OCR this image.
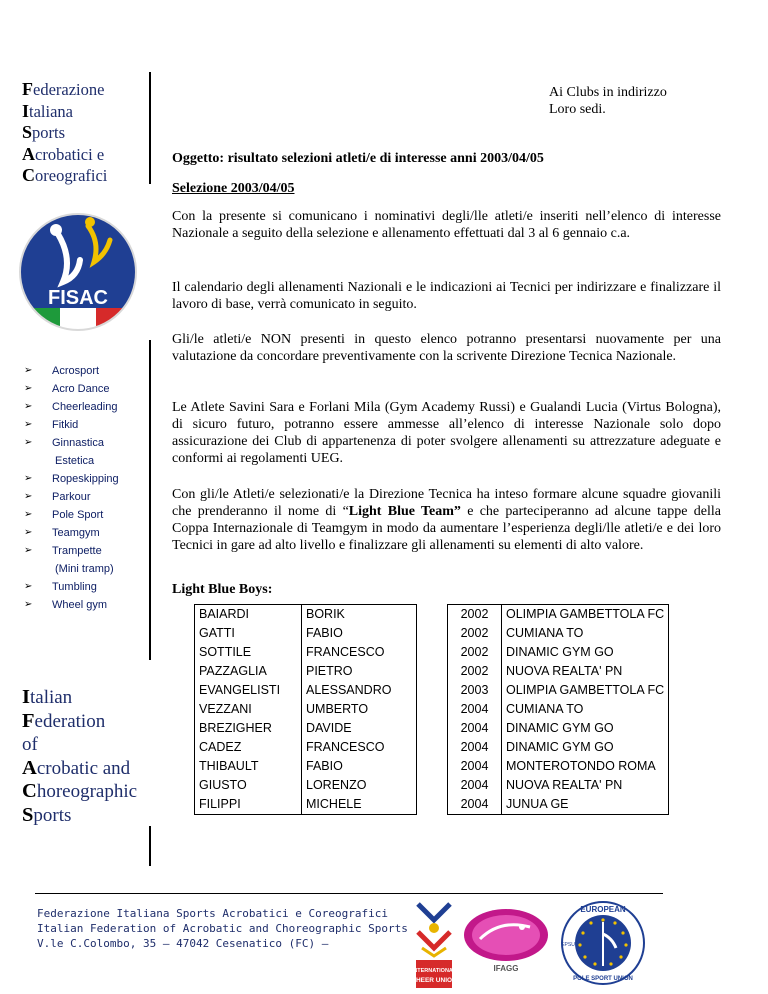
Federazione
Italiana
Sports
Acrobatici e
Coreografici
FISAC
➢ Acrosport
➢ Acro Dance
➢ Cheerleading
➢ Fitkid
➢ Ginnastica
Estetica
➢ Ropeskipping
➢ Parkour
➢ Pole Sport
➢ Teamgym
➢ Trampette
(Mini tramp)
➢ Tumbling
➢ Wheel gym
Italian
Federation
of
Acrobatic and
Choreographic
Sports
Ai Clubs in indirizzo
Loro sedi.
Oggetto: risultato selezioni atleti/e di interesse anni 2003/04/05
Selezione 2003/04/05

Con la presente si comunicano i nominativi degli/lle atleti/e inseriti nell’elenco di interesse Nazionale a seguito della selezione e allenamento effettuati dal 3 al 6 gennaio c.a.

Il calendario degli allenamenti Nazionali e le indicazioni ai Tecnici per indirizzare e finalizzare il lavoro di base, verrà comunicato in seguito.

Gli/le atleti/e NON presenti in questo elenco potranno presentarsi nuovamente per una valutazione da concordare preventivamente con la scrivente Direzione Tecnica Nazionale.

Le Atlete Savini Sara e Forlani Mila (Gym Academy Russi) e Gualandi Lucia (Virtus Bologna), di sicuro futuro, potranno essere ammesse all’elenco di interesse Nazionale solo dopo assicurazione dei Club di appartenenza di poter svolgere allenamenti su attrezzature adeguate e conformi ai regolamenti UEG.

Con gli/le Atleti/e selezionati/e la Direzione Tecnica ha inteso formare alcune squadre giovanili che prenderanno il nome di “Light Blue Team” e che parteciperanno ad alcune tappe della Coppa Internazionale di Teamgym in modo da aumentare l’esperienza degli/lle atleti/e e dei loro Tecnici in gare ad alto livello e finalizzare gli allenamenti su elementi di alto valore.

Light Blue Boys:
BAIARDI	BORIK		2002	OLIMPIA GAMBETTOLA FC
GATTI	FABIO		2002	CUMIANA TO
SOTTILE	FRANCESCO		2002	DINAMIC GYM GO
PAZZAGLIA	PIETRO		2002	NUOVA REALTA' PN
EVANGELISTI	ALESSANDRO		2003	OLIMPIA GAMBETTOLA FC
VEZZANI	UMBERTO		2004	CUMIANA TO
BREZIGHER	DAVIDE		2004	DINAMIC GYM GO
CADEZ	FRANCESCO		2004	DINAMIC GYM GO
THIBAULT	FABIO		2004	MONTEROTONDO ROMA
GIUSTO	LORENZO		2004	NUOVA REALTA' PN
FILIPPI	MICHELE		2004	JUNUA GE
Federazione Italiana Sports Acrobatici e Coreografici
Italian Federation of Acrobatic and Choreographic Sports
V.le C.Colombo, 35 – 47042 Cesenatico (FC) –
INTERNATIONAL
CHEER UNION
IFAGG
EUROPEAN
POLE SPORT UNION
EPSU
